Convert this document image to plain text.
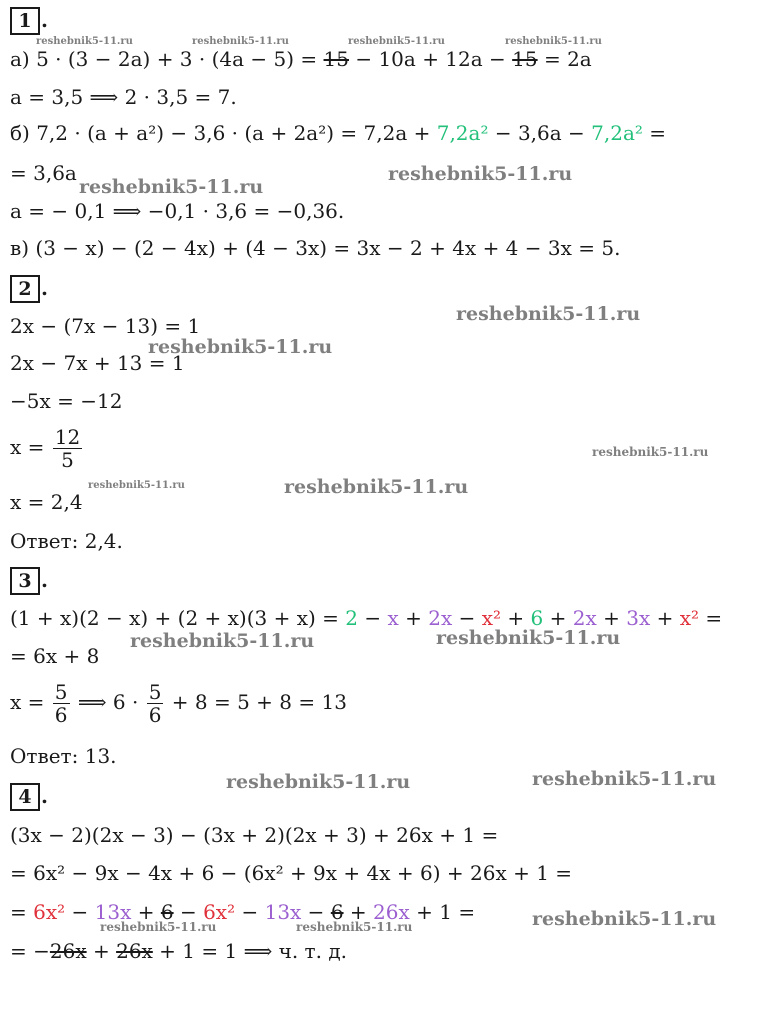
1 .
а) 5 · (3 − 2a) + 3 · (4a − 5) = 15 − 10a + 12a − 15 = 2a
a = 3,5 ⟹ 2 · 3,5 = 7.
б) 7,2 · (a + a²) − 3,6 · (a + 2a²) = 7,2a + 7,2a² − 3,6a − 7,2a² =
= 3,6a
a = − 0,1 ⟹ −0,1 · 3,6 = −0,36.
в) (3 − x) − (2 − 4x) + (4 − 3x) = 3x − 2 + 4x + 4 − 3x = 5.
2 .
2x − (7x − 13) = 1
2x − 7x + 13 = 1
−5x = −12
$x = \frac{12}{5}$
x = 2,4
Ответ: 2,4.
3 .
(1 + x)(2 − x) + (2 + x)(3 + x) = 2 − x + 2x − x² + 6 + 2x + 3x + x² =
= 6x + 8
$x = \frac{5}{6}$ ⟹ $6 \cdot \frac{5}{6} + 8 = 5 + 8 = 13$
Ответ: 13.
4 .
(3x − 2)(2x − 3) − (3x + 2)(2x + 3) + 26x + 1 =
= 6x² − 9x − 4x + 6 − (6x² + 9x + 4x + 6) + 26x + 1 =
= 6x² − 13x + 6 − 6x² − 13x − 6 + 26x + 1 =
= −26x + 26x + 1 = 1 ⟹ ч. т. д.
reshebnik5-11.ru	reshebnik5-11.ru	reshebnik5-11.ru	reshebnik5-11.ru
reshebnik5-11.ru
reshebnik5-11.ru
reshebnik5-11.ru
reshebnik5-11.ru
reshebnik5-11.ru
reshebnik5-11.ru	reshebnik5-11.ru
reshebnik5-11.ru	reshebnik5-11.ru
reshebnik5-11.ru	reshebnik5-11.ru
reshebnik5-11.ru
reshebnik5-11.ru	reshebnik5-11.ru
